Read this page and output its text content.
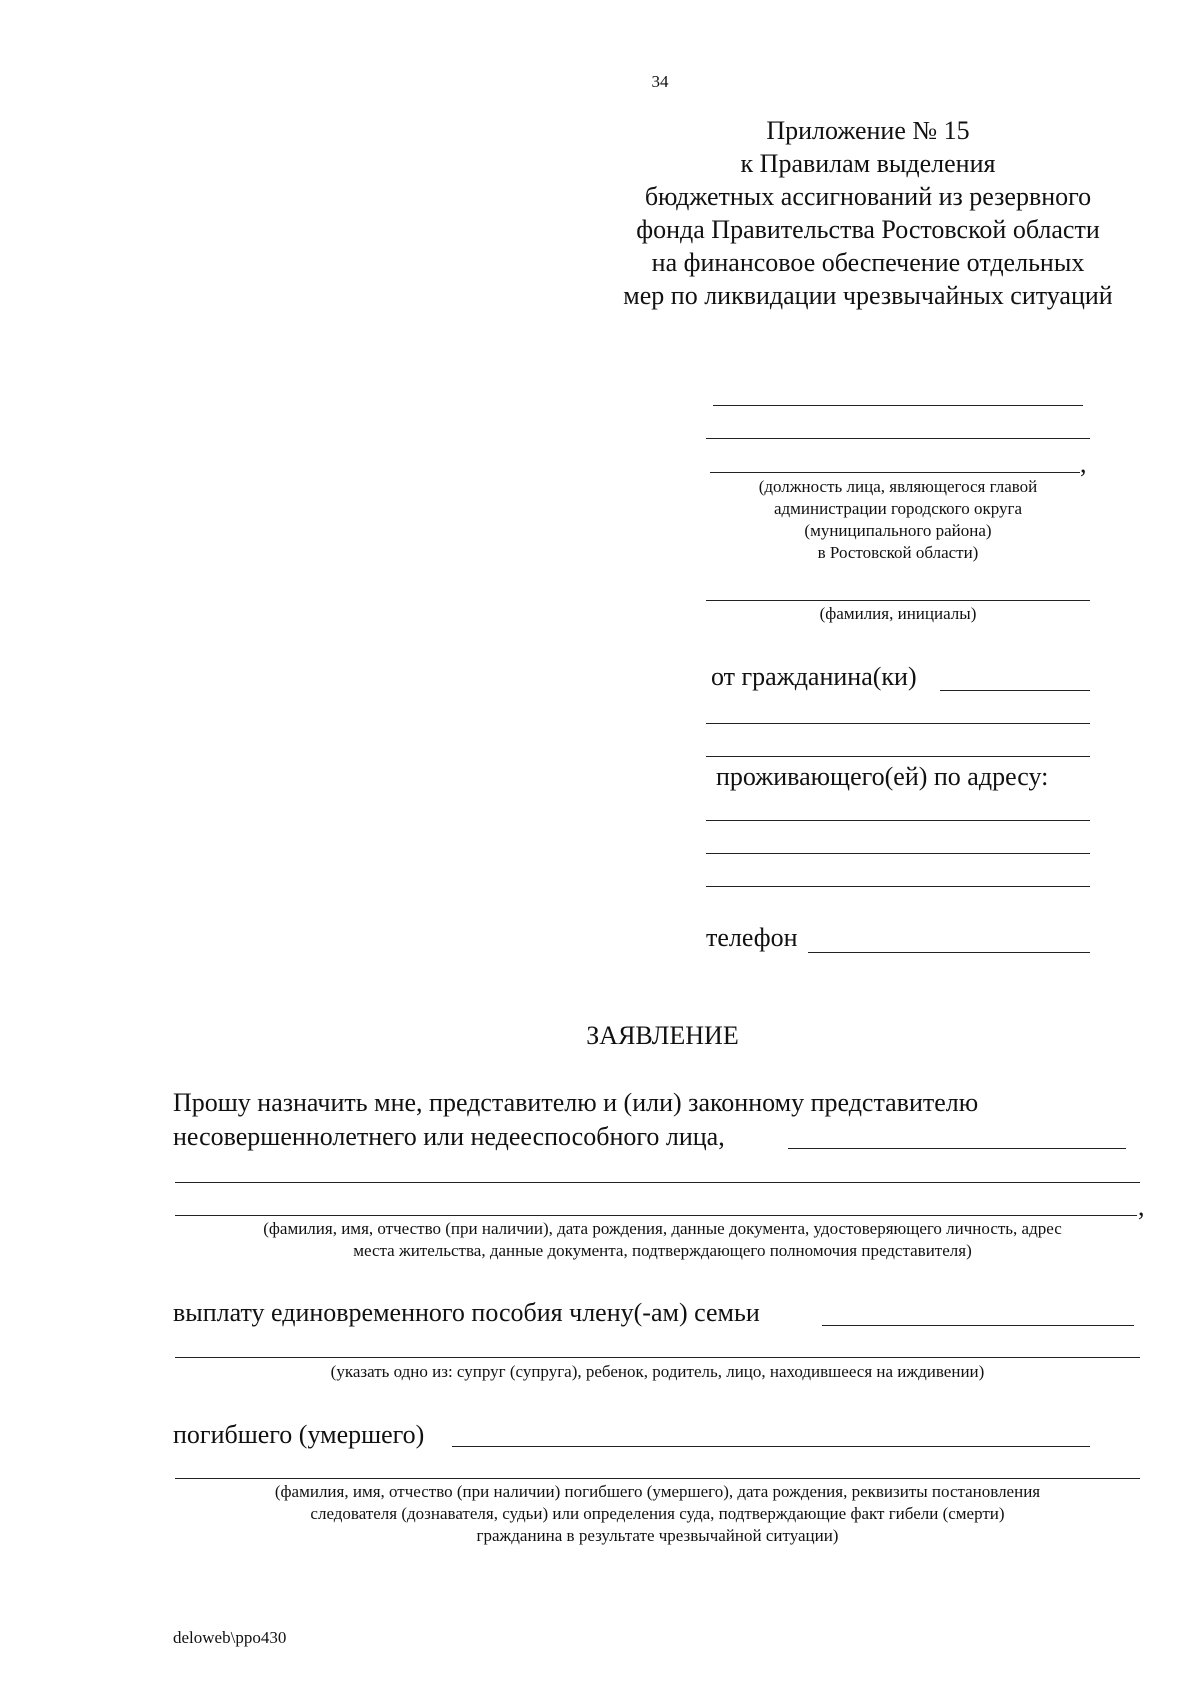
34
Приложение № 15
к Правилам выделения
бюджетных ассигнований из резервного
фонда Правительства Ростовской области
на финансовое обеспечение отдельных
мер по ликвидации чрезвычайных ситуаций
,
(должность лица, являющегося главой
администрации городского округа
(муниципального района)
в Ростовской области)
(фамилия, инициалы)
от гражданина(ки)
проживающего(ей) по адресу:
телефон
ЗАЯВЛЕНИЕ
Прошу назначить мне, представителю и (или) законному представителю
несовершеннолетнего или недееспособного лица,
,
(фамилия, имя, отчество (при наличии), дата рождения, данные документа, удостоверяющего личность, адрес
места жительства, данные документа, подтверждающего полномочия представителя)
выплату единовременного пособия члену(-ам) семьи
(указать одно из: супруг (супруга), ребенок, родитель, лицо, находившееся на иждивении)
погибшего (умершего)
(фамилия, имя, отчество (при наличии) погибшего (умершего), дата рождения, реквизиты постановления
следователя (дознавателя, судьи) или определения суда, подтверждающие факт гибели (смерти)
гражданина в результате чрезвычайной ситуации)
deloweb\ppo430
